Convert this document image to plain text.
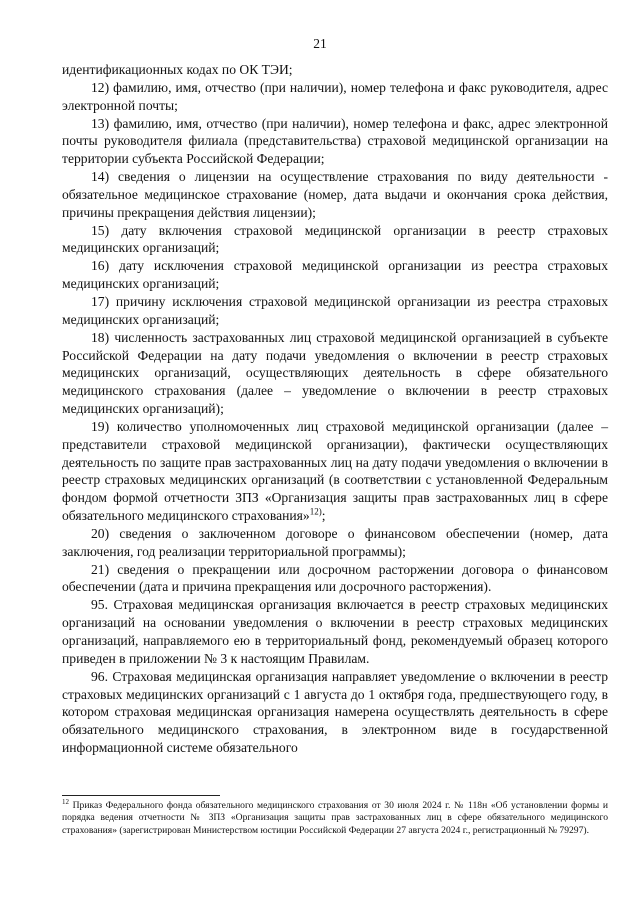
21

идентификационных кодах по ОК ТЭИ;

12) фамилию, имя, отчество (при наличии), номер телефона и факс руководителя, адрес электронной почты;

13) фамилию, имя, отчество (при наличии), номер телефона и факс, адрес электронной почты руководителя филиала (представительства) страховой медицинской организации на территории субъекта Российской Федерации;

14) сведения о лицензии на осуществление страхования по виду деятельности - обязательное медицинское страхование (номер, дата выдачи и окончания срока действия, причины прекращения действия лицензии);

15) дату включения страховой медицинской организации в реестр страховых медицинских организаций;

16) дату исключения страховой медицинской организации из реестра страховых медицинских организаций;

17) причину исключения страховой медицинской организации из реестра страховых медицинских организаций;

18) численность застрахованных лиц страховой медицинской организацией в субъекте Российской Федерации на дату подачи уведомления о включении в реестр страховых медицинских организаций, осуществляющих деятельность в сфере обязательного медицинского страхования (далее – уведомление о включении в реестр страховых медицинских организаций);

19) количество уполномоченных лиц страховой медицинской организации (далее – представители страховой медицинской организации), фактически осуществляющих деятельность по защите прав застрахованных лиц на дату подачи уведомления о включении в реестр страховых медицинских организаций (в соответствии с установленной Федеральным фондом формой отчетности ЗПЗ «Организация защиты прав застрахованных лиц в сфере обязательного медицинского страхования»$^{12)}$;

20) сведения о заключенном договоре о финансовом обеспечении (номер, дата заключения, год реализации территориальной программы);

21) сведения о прекращении или досрочном расторжении договора о финансовом обеспечении (дата и причина прекращения или досрочного расторжения).

95. Страховая медицинская организация включается в реестр страховых медицинских организаций на основании уведомления о включении в реестр страховых медицинских организаций, направляемого ею в территориальный фонд, рекомендуемый образец которого приведен в приложении № 3 к настоящим Правилам.

96. Страховая медицинская организация направляет уведомление о включении в реестр страховых медицинских организаций с 1 августа до 1 октября года, предшествующего году, в котором страховая медицинская организация намерена осуществлять деятельность в сфере обязательного медицинского страхования, в электронном виде в государственной информационной системе обязательного

$^{12}$ Приказ Федерального фонда обязательного медицинского страхования от 30 июля 2024 г. № 118н «Об установлении формы и порядка ведения отчетности № ЗПЗ «Организация защиты прав застрахованных лиц в сфере обязательного медицинского страхования» (зарегистрирован Министерством юстиции Российской Федерации 27 августа 2024 г., регистрационный № 79297).
